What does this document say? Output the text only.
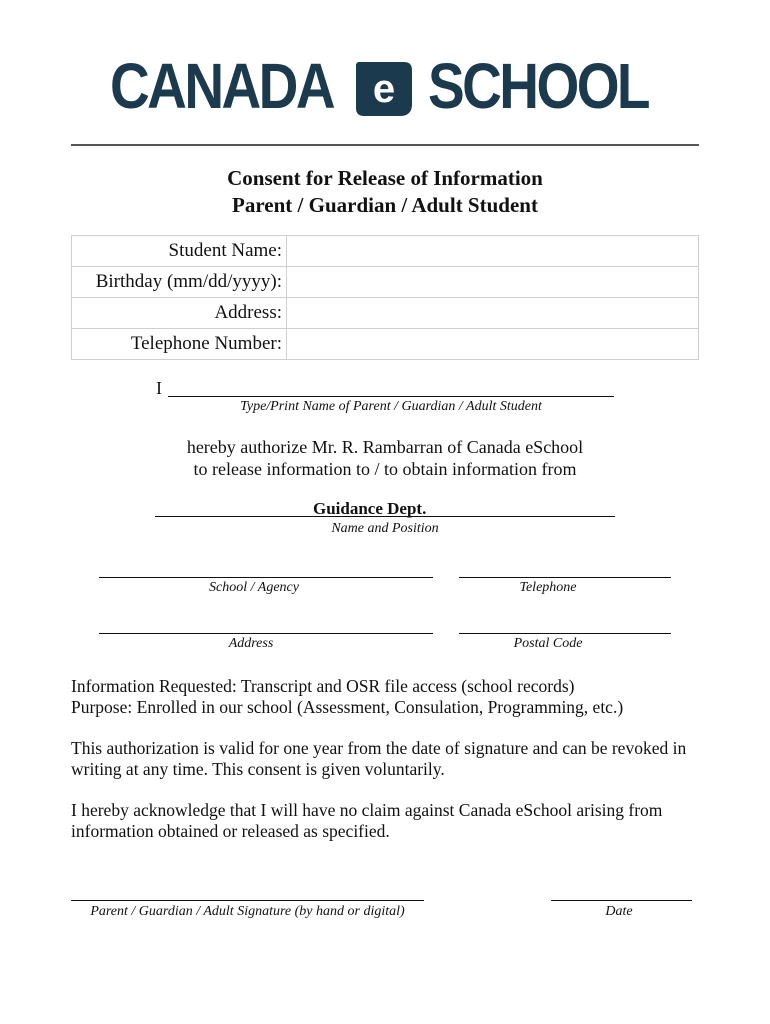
CANADA e SCHOOL
Consent for Release of Information
Parent / Guardian / Adult Student
Student Name:	
Birthday (mm/dd/yyyy):	
Address:	
Telephone Number:	
I
Type/Print Name of Parent / Guardian / Adult Student
hereby authorize Mr. R. Rambarran of Canada eSchool
to release information to / to obtain information from
Guidance Dept.
Name and Position
School / Agency	Telephone
Address	Postal Code
Information Requested: Transcript and OSR file access (school records)
Purpose: Enrolled in our school (Assessment, Consulation, Programming, etc.)
This authorization is valid for one year from the date of signature and can be revoked in writing at any time. This consent is given voluntarily.
I hereby acknowledge that I will have no claim against Canada eSchool arising from information obtained or released as specified.
Parent / Guardian / Adult Signature (by hand or digital)	Date
